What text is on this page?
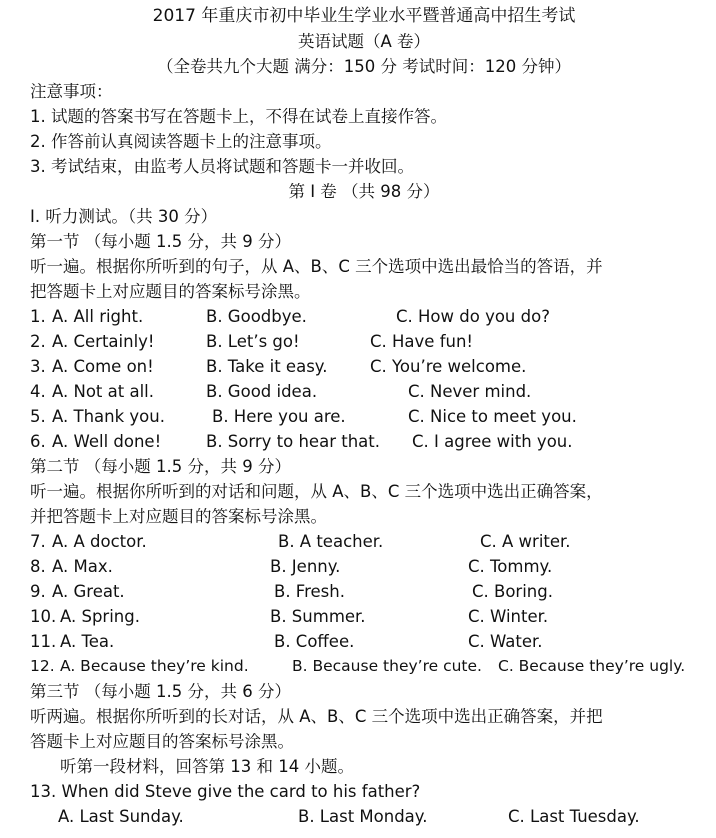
2017 年重庆市初中毕业生学业水平暨普通高中招生考试
英语试题（A 卷）
（全卷共九个大题 满分：150 分 考试时间：120 分钟）
注意事项：
1. 试题的答案书写在答题卡上，不得在试卷上直接作答。
2. 作答前认真阅读答题卡上的注意事项。
3. 考试结束，由监考人员将试题和答题卡一并收回。
第 I 卷 （共 98 分）
I. 听力测试。（共 30 分）
第一节 （每小题 1.5 分，共 9 分）
听一遍。根据你所听到的句子，从 A、B、C 三个选项中选出最恰当的答语，并
把答题卡上对应题目的答案标号涂黑。
1. A. All right.	B. Goodbye.	C. How do you do?
2. A. Certainly!	B. Let’s go!	C. Have fun!
3. A. Come on!	B. Take it easy.	C. You’re welcome.
4. A. Not at all.	B. Good idea.	C. Never mind.
5. A. Thank you.	B. Here you are.	C. Nice to meet you.
6. A. Well done!	B. Sorry to hear that. C. I agree with you.
第二节 （每小题 1.5 分，共 9 分）
听一遍。根据你所听到的对话和问题，从 A、B、C 三个选项中选出正确答案，
并把答题卡上对应题目的答案标号涂黑。
7. A. A doctor.	B. A teacher.	C. A writer.
8. A. Max.	B. Jenny.	C. Tommy.
9. A. Great.	B. Fresh.	C. Boring.
10. A. Spring.	B. Summer.	C. Winter.
11. A. Tea.	B. Coffee.	C. Water.
12. A. Because they’re kind.	B. Because they’re cute. C. Because they’re ugly.
第三节 （每小题 1.5 分，共 6 分）
听两遍。根据你所听到的长对话，从 A、B、C 三个选项中选出正确答案，并把
答题卡上对应题目的答案标号涂黑。
听第一段材料，回答第 13 和 14 小题。
13. When did Steve give the card to his father?
A. Last Sunday.	B. Last Monday.	C. Last Tuesday.
